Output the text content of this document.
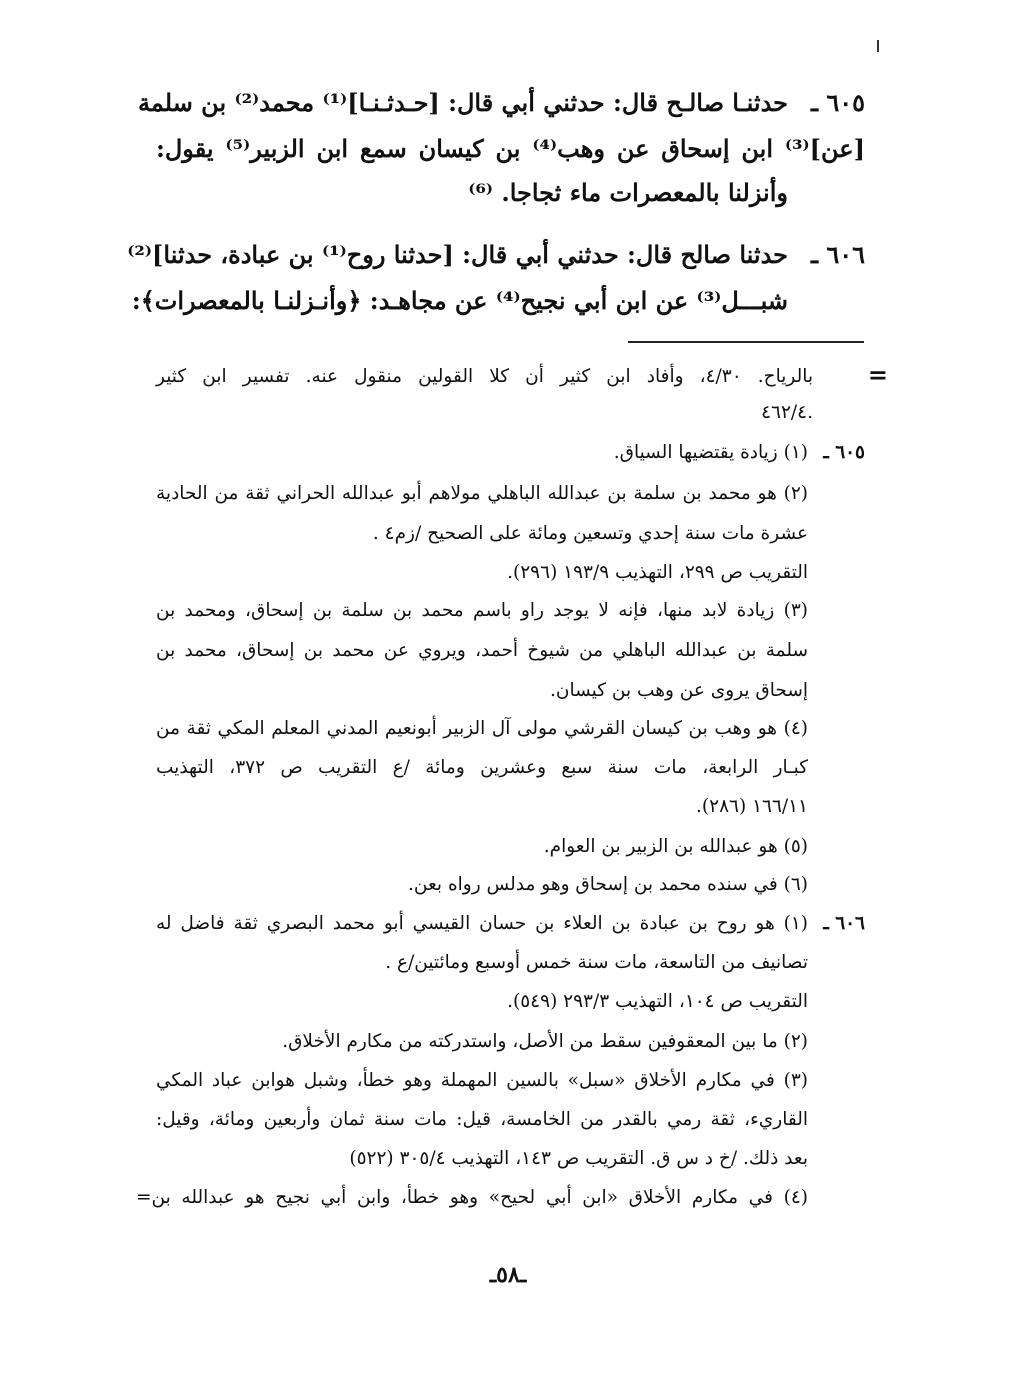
٦٠٥ ـ
حدثنـا صالـح قال: حدثني أبي قال: [حـدثـنـا]⁽¹⁾ محمد⁽²⁾ بن سلمة
[عن]⁽³⁾ ابن إسحاق عن وهب⁽⁴⁾ بن كيسان سمع ابن الزبير⁽⁵⁾ يقول:
وأنزلنا بالمعصرات ماء ثجاجا. ⁽⁶⁾
٦٠٦ ـ
حدثنا صالح قال: حدثني أبي قال: [حدثنا روح⁽¹⁾ بن عبادة، حدثنا]⁽²⁾
شبـــل⁽³⁾ عن ابن أبي نجيح⁽⁴⁾ عن مجاهـد: ﴿وأنـزلنـا بالمعصرات﴾:
=
بالرياح. ٤/٣٠، وأفاد ابن كثير أن كلا القولين منقول عنه. تفسير ابن كثير
.٤٦٢/٤
٦٠٥ ـ
(١) زيادة يقتضيها السياق.
(٢) هو محمد بن سلمة بن عبدالله الباهلي مولاهم أبو عبدالله الحراني ثقة من الحادية
عشرة مات سنة إحدي وتسعين ومائة على الصحيح /زم٤ .
التقريب ص ٢٩٩، التهذيب ١٩٣/٩ (٢٩٦).
(٣) زيادة لابد منها، فإنه لا يوجد راو باسم محمد بن سلمة بن إسحاق، ومحمد بن
سلمة بن عبدالله الباهلي من شيوخ أحمد، ويروي عن محمد بن إسحاق، محمد بن
إسحاق يروى عن وهب بن كيسان.
(٤) هو وهب بن كيسان القرشي مولى آل الزبير أبونعيم المدني المعلم المكي ثقة من
كبـار الرابعة، مات سنة سبع وعشرين ومائة /ع التقريب ص ٣٧٢، التهذيب
١٦٦/١١ (٢٨٦).
(٥) هو عبدالله بن الزبير بن العوام.
(٦) في سنده محمد بن إسحاق وهو مدلس رواه بعن.
٦٠٦ ـ
(١) هو روح بن عبادة بن العلاء بن حسان القيسي أبو محمد البصري ثقة فاضل له
تصانيف من التاسعة، مات سنة خمس أوسبع ومائتين/ع .
التقريب ص ١٠٤، التهذيب ٢٩٣/٣ (٥٤٩).
(٢) ما بين المعقوفين سقط من الأصل، واستدركته من مكارم الأخلاق.
(٣) في مكارم الأخلاق «سبل» بالسين المهملة وهو خطأ، وشبل هوابن عباد المكي
القاريء، ثقة رمي بالقدر من الخامسة، قيل: مات سنة ثمان وأربعين ومائة، وقيل:
بعد ذلك. /خ د س ق. التقريب ص ١٤٣، التهذيب ٣٠٥/٤ (٥٢٢)
(٤) في مكارم الأخلاق «ابن أبي لحيح» وهو خطأ، وابن أبي نجيح هو عبدالله بن=
ـ٥٨ـ
